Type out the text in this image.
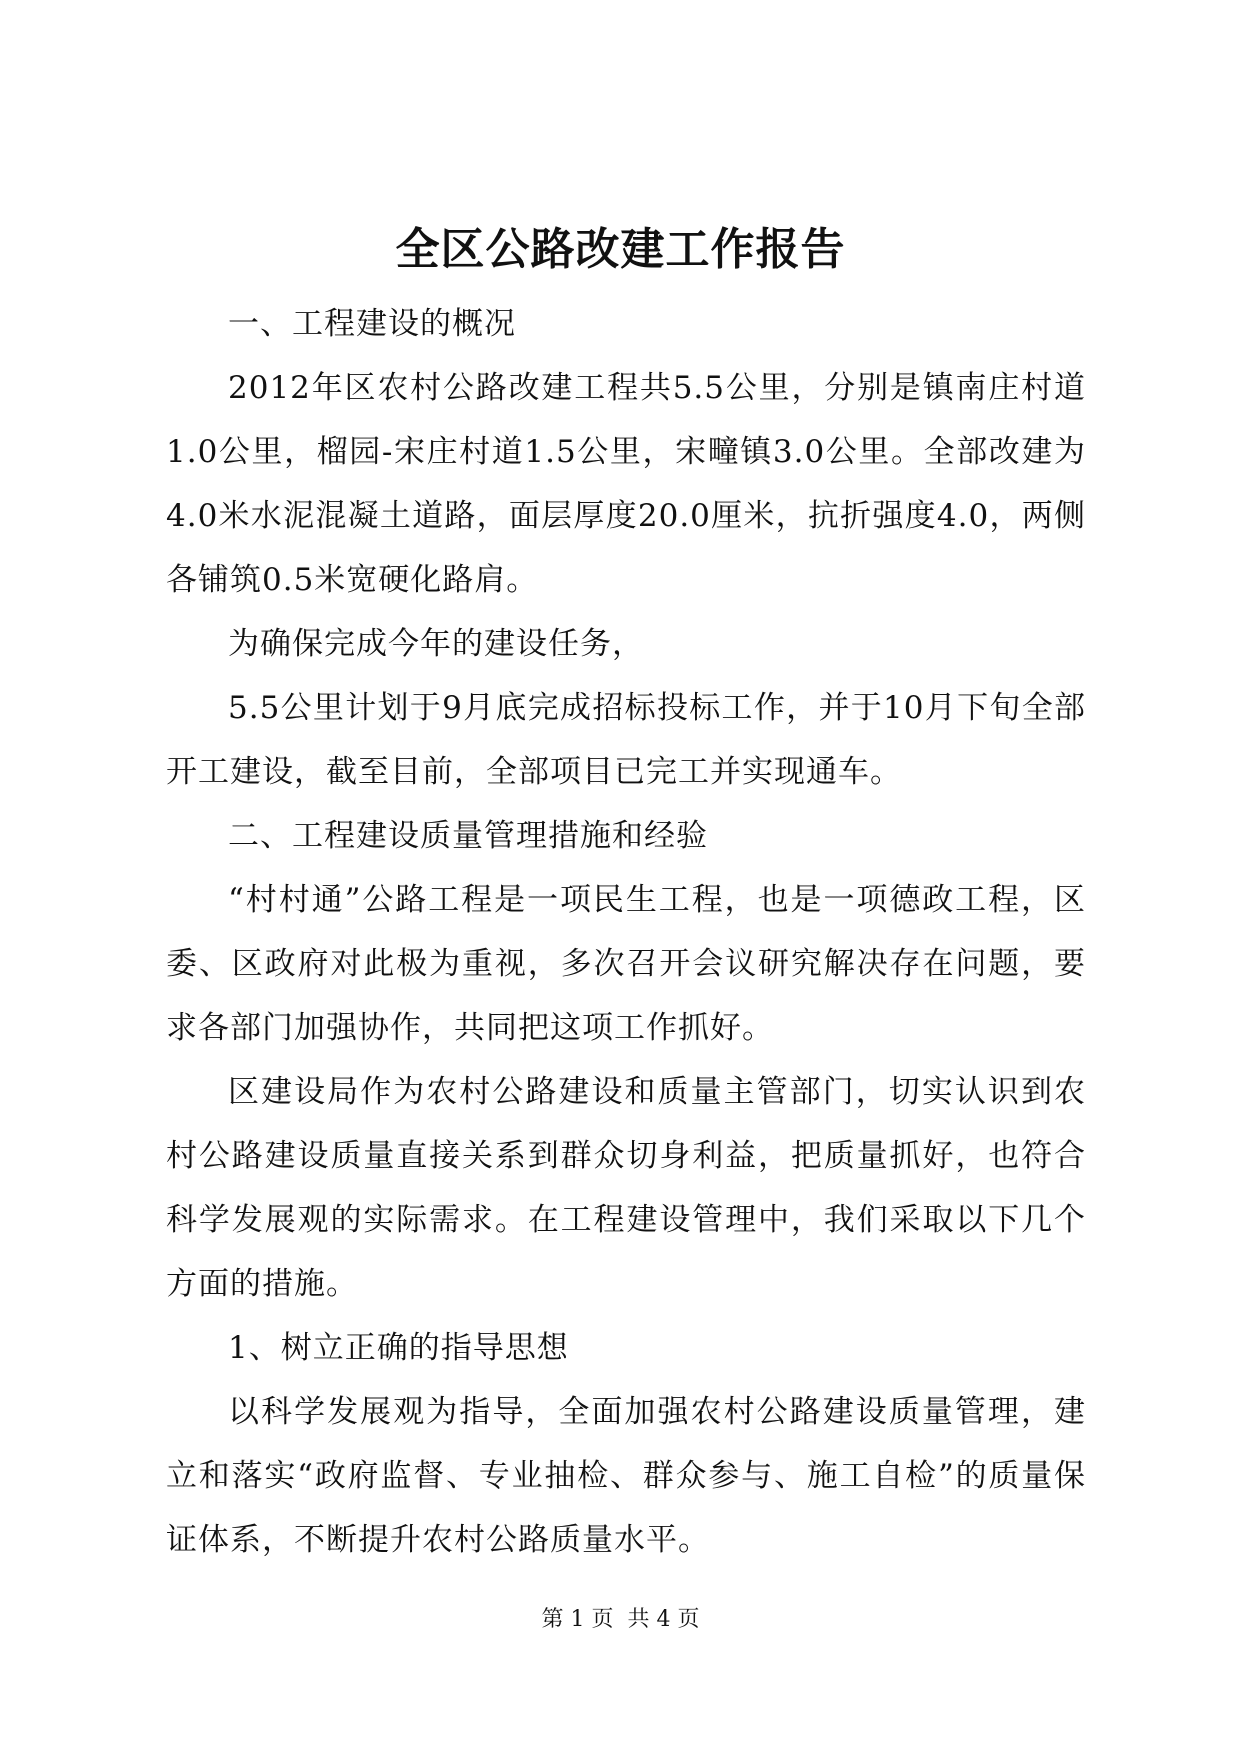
全区公路改建工作报告

一、工程建设的概况

2012年区农村公路改建工程共5.5公里，分别是镇南庄村道1.0公里，榴园-宋庄村道1.5公里，宋疃镇3.0公里。全部改建为4.0米水泥混凝土道路，面层厚度20.0厘米，抗折强度4.0，两侧各铺筑0.5米宽硬化路肩。

为确保完成今年的建设任务，

5.5公里计划于9月底完成招标投标工作，并于10月下旬全部开工建设，截至目前，全部项目已完工并实现通车。

二、工程建设质量管理措施和经验

“村村通”公路工程是一项民生工程，也是一项德政工程，区委、区政府对此极为重视，多次召开会议研究解决存在问题，要求各部门加强协作，共同把这项工作抓好。

区建设局作为农村公路建设和质量主管部门，切实认识到农村公路建设质量直接关系到群众切身利益，把质量抓好，也符合科学发展观的实际需求。在工程建设管理中，我们采取以下几个方面的措施。

1、树立正确的指导思想

以科学发展观为指导，全面加强农村公路建设质量管理，建立和落实“政府监督、专业抽检、群众参与、施工自检”的质量保证体系，不断提升农村公路质量水平。

第 1 页  共 4 页
